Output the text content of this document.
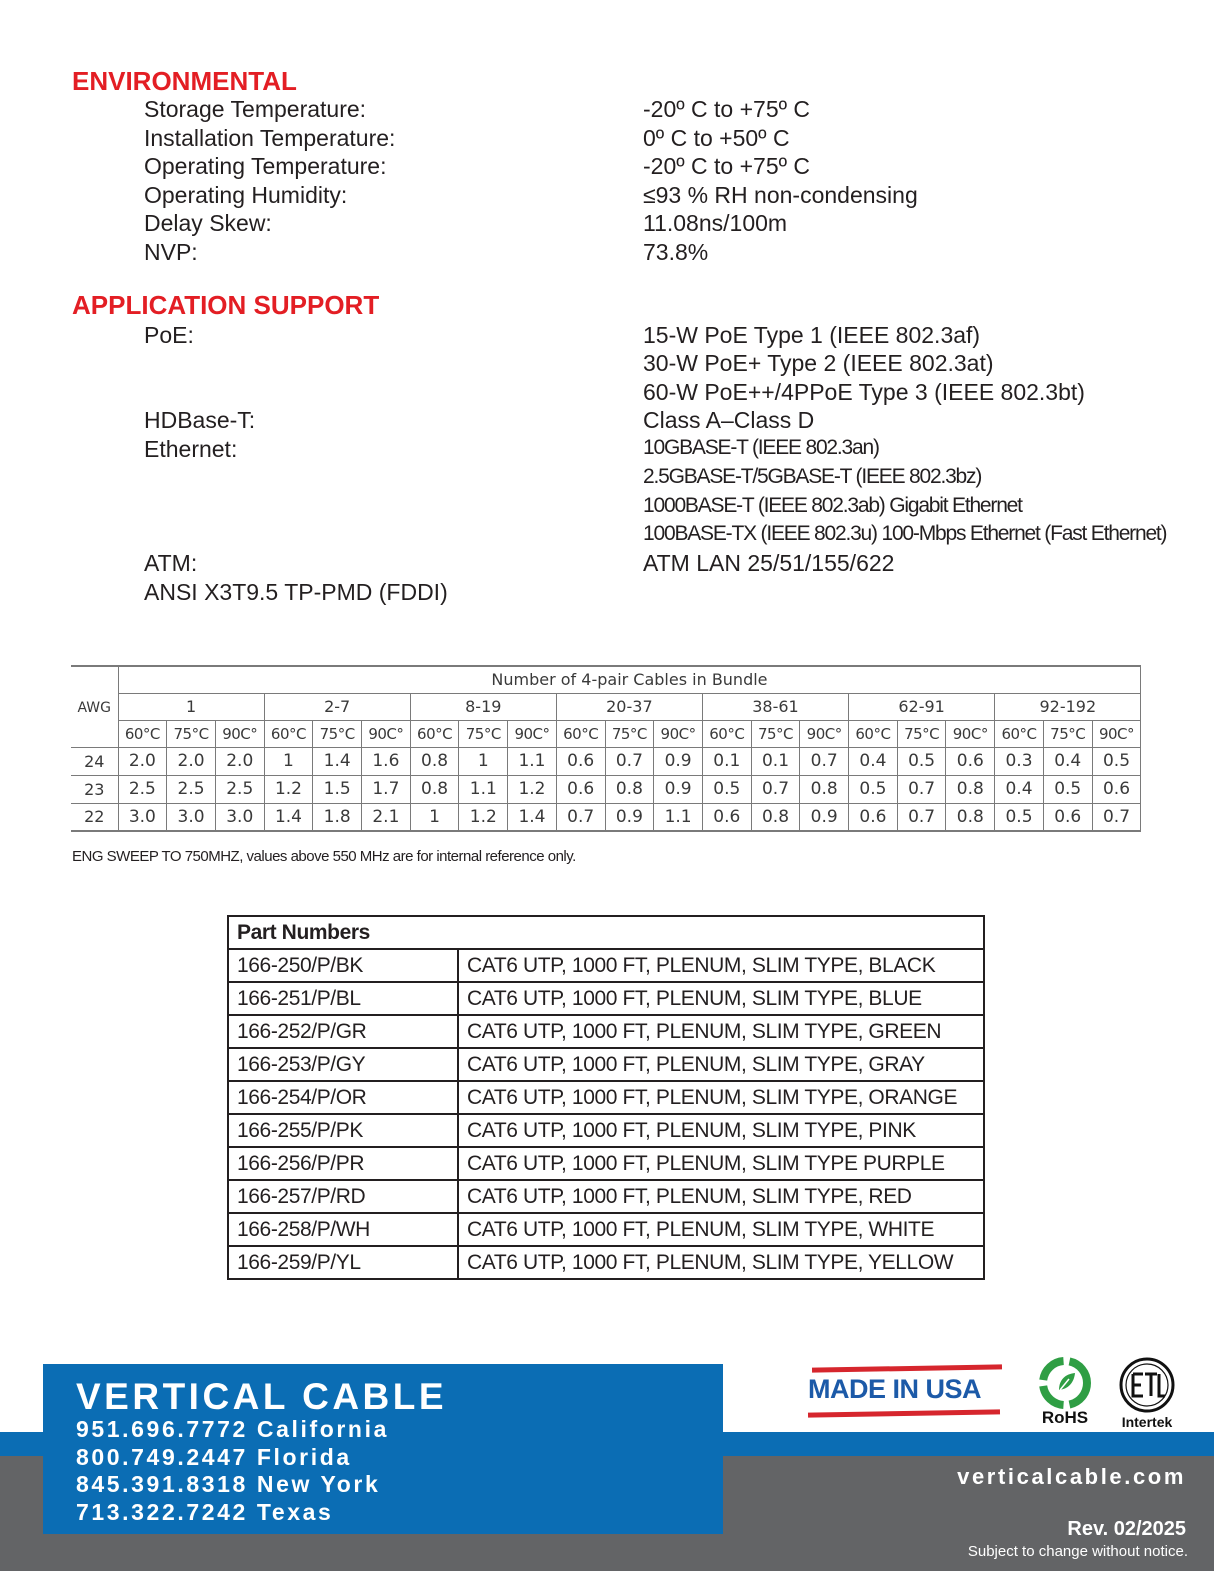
ENVIRONMENTAL
Storage Temperature:	-20º C to +75º C
Installation Temperature:	0º C to +50º C
Operating Temperature:	-20º C to +75º C
Operating Humidity:	≤93 % RH non-condensing
Delay Skew:	11.08ns/100m
NVP:	73.8%
APPLICATION SUPPORT
PoE:	15-W PoE Type 1 (IEEE 802.3af)
30-W PoE+ Type 2 (IEEE 802.3at)
60-W PoE++/4PPoE Type 3 (IEEE 802.3bt)
HDBase-T:	Class A–Class D
Ethernet:	10GBASE-T (IEEE 802.3an)
2.5GBASE-T/5GBASE-T (IEEE 802.3bz)
1000BASE-T (IEEE 802.3ab) Gigabit Ethernet
100BASE-TX (IEEE 802.3u) 100-Mbps Ethernet (Fast Ethernet)
ATM:	ATM LAN 25/51/155/622
ANSI X3T9.5 TP-PMD (FDDI)
AWG	Number of 4-pair Cables in Bundle																				
	1			2-7			8-19			20-37			38-61			62-91			92-192		
	60°C	75°C	90C°	60°C	75°C	90C°	60°C	75°C	90C°	60°C	75°C	90C°	60°C	75°C	90C°	60°C	75°C	90C°	60°C	75°C	90C°
24	2.0	2.0	2.0	1	1.4	1.6	0.8	1	1.1	0.6	0.7	0.9	0.1	0.1	0.7	0.4	0.5	0.6	0.3	0.4	0.5
23	2.5	2.5	2.5	1.2	1.5	1.7	0.8	1.1	1.2	0.6	0.8	0.9	0.5	0.7	0.8	0.5	0.7	0.8	0.4	0.5	0.6
22	3.0	3.0	3.0	1.4	1.8	2.1	1	1.2	1.4	0.7	0.9	1.1	0.6	0.8	0.9	0.6	0.7	0.8	0.5	0.6	0.7
ENG SWEEP TO 750MHZ, values above 550 MHz are for internal reference only.
Part Numbers	
166-250/P/BK	CAT6 UTP, 1000 FT, PLENUM, SLIM TYPE, BLACK
166-251/P/BL	CAT6 UTP, 1000 FT, PLENUM, SLIM TYPE, BLUE
166-252/P/GR	CAT6 UTP, 1000 FT, PLENUM, SLIM TYPE, GREEN
166-253/P/GY	CAT6 UTP, 1000 FT, PLENUM, SLIM TYPE, GRAY
166-254/P/OR	CAT6 UTP, 1000 FT, PLENUM, SLIM TYPE, ORANGE
166-255/P/PK	CAT6 UTP, 1000 FT, PLENUM, SLIM TYPE, PINK
166-256/P/PR	CAT6 UTP, 1000 FT, PLENUM, SLIM TYPE PURPLE
166-257/P/RD	CAT6 UTP, 1000 FT, PLENUM, SLIM TYPE, RED
166-258/P/WH	CAT6 UTP, 1000 FT, PLENUM, SLIM TYPE, WHITE
166-259/P/YL	CAT6 UTP, 1000 FT, PLENUM, SLIM TYPE, YELLOW
VERTICAL CABLE
951.696.7772 California
800.749.2447 Florida
845.391.8318 New York
713.322.7242 Texas
MADE IN USA
RoHS	Intertek
verticalcable.com
Rev. 02/2025
Subject to change without notice.
